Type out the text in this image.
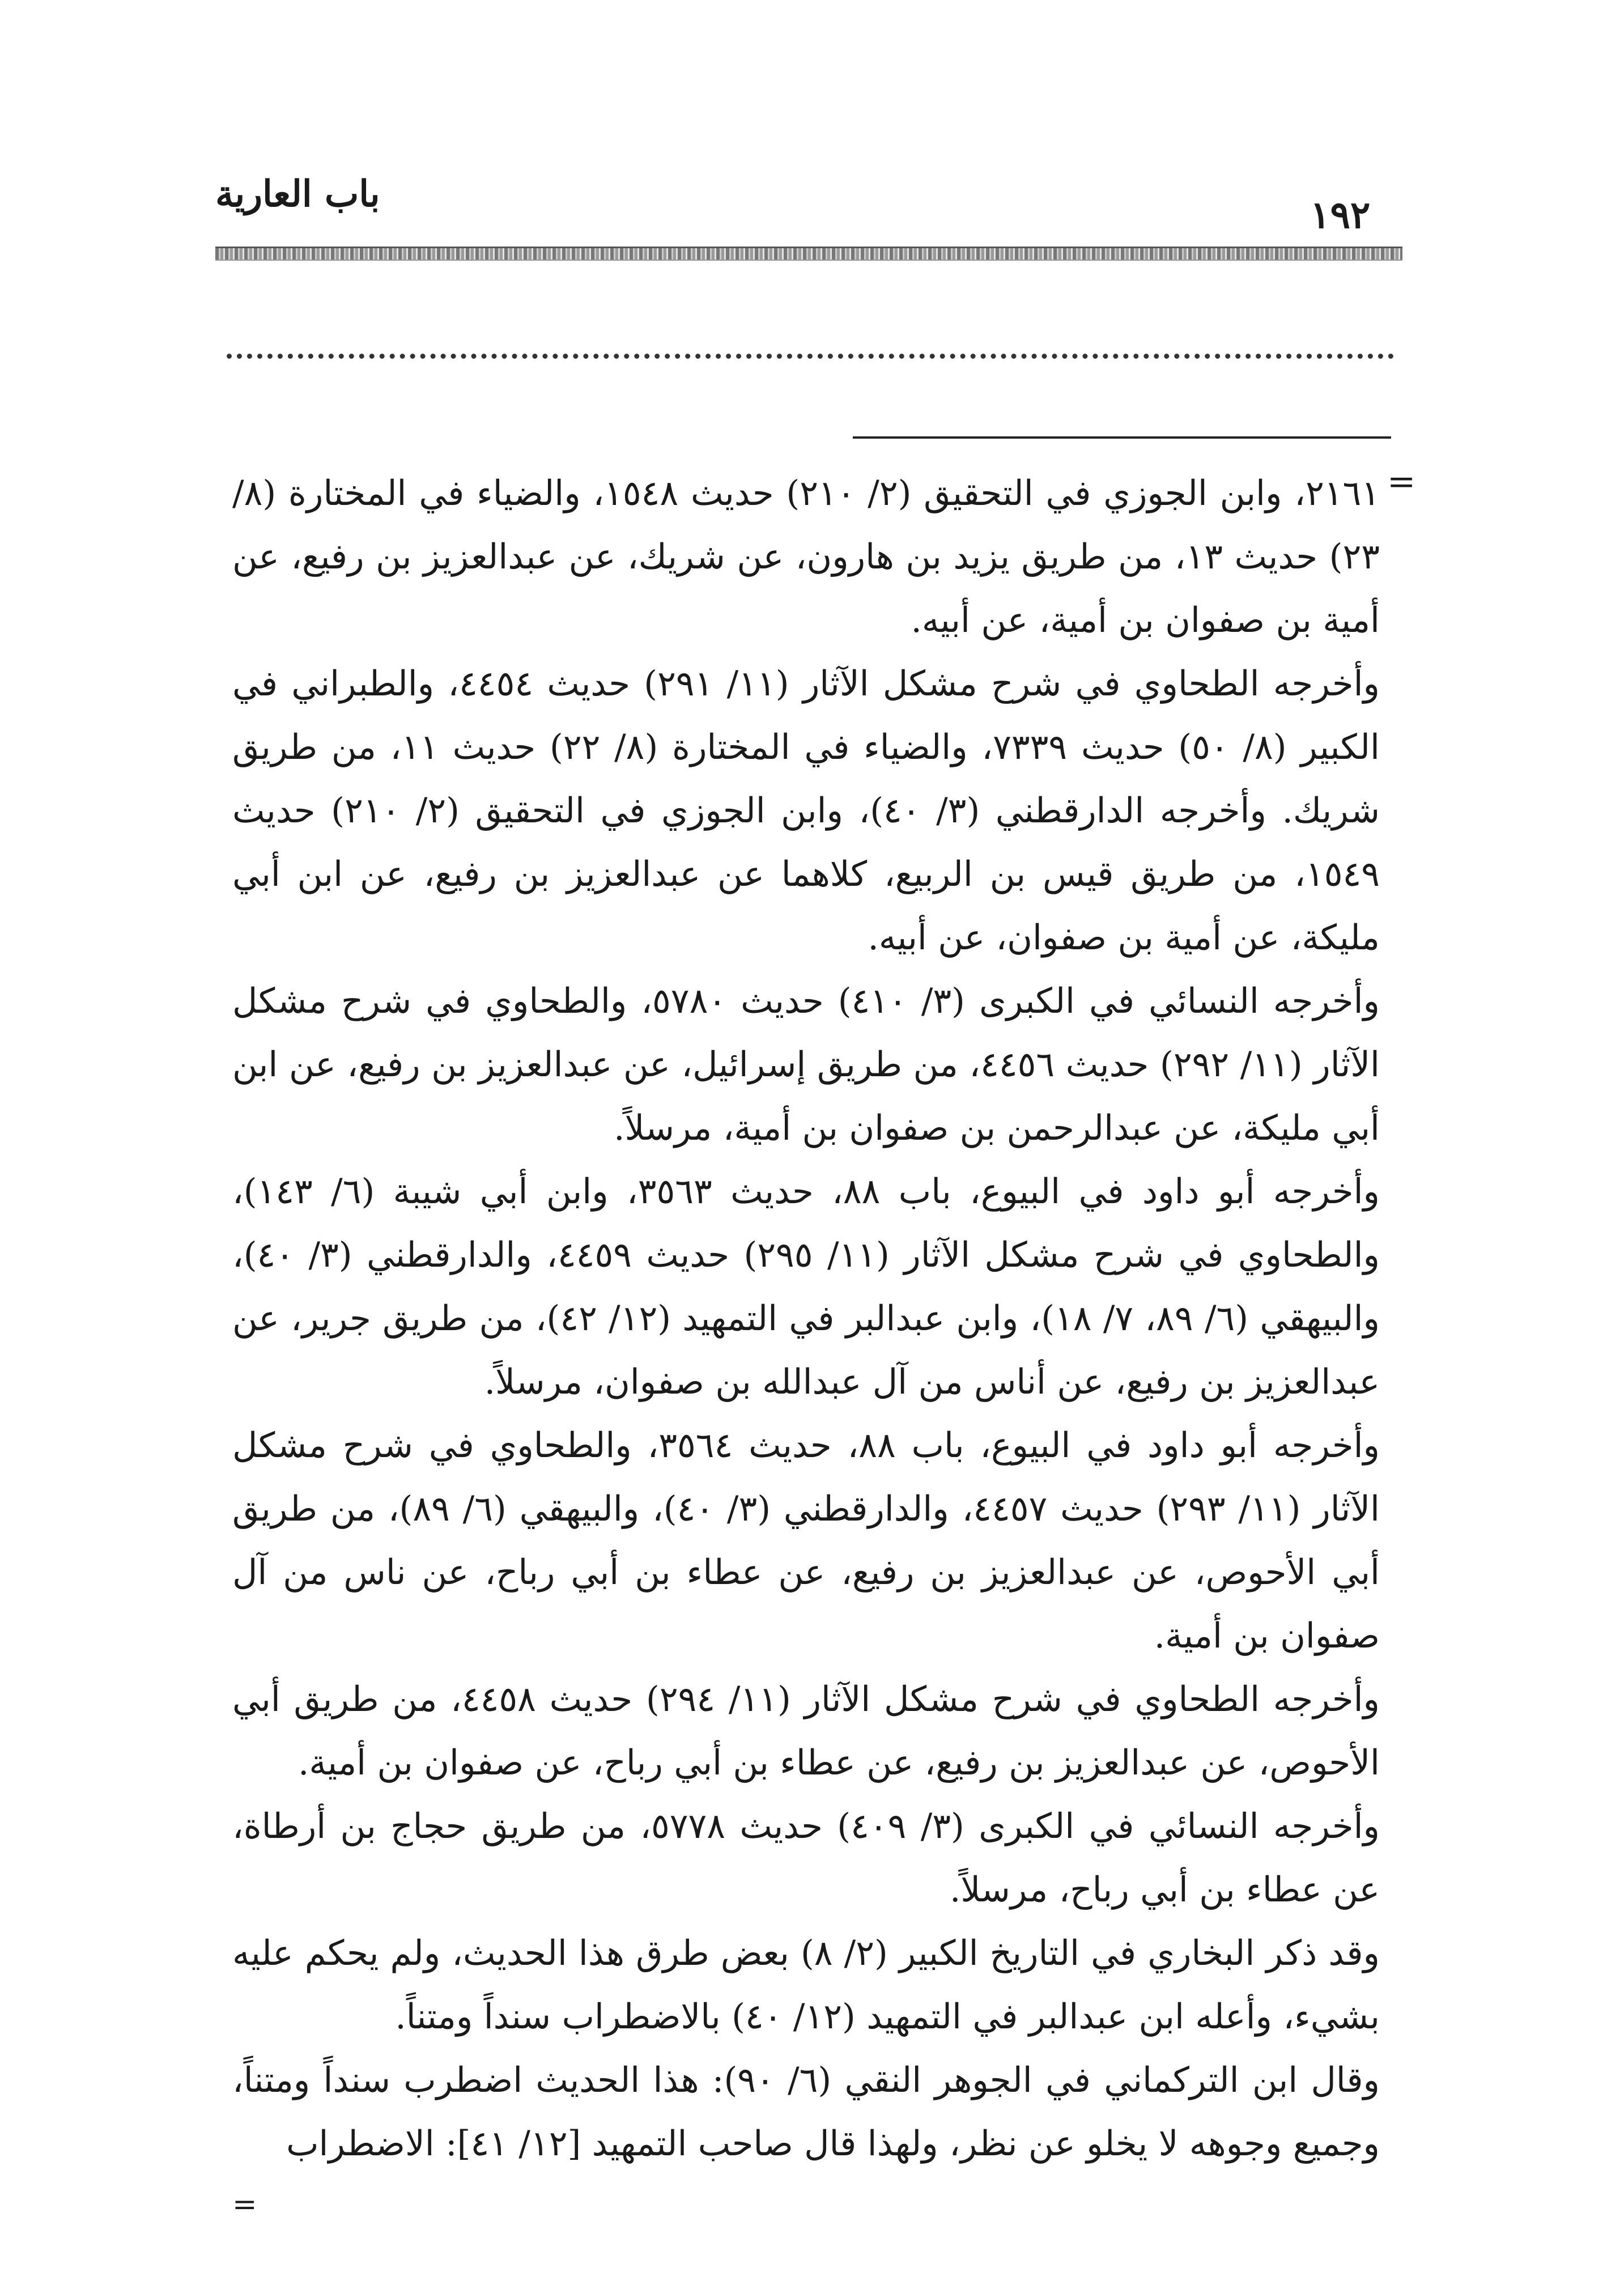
باب العارية	١٩٢
=

٢١٦١، وابن الجوزي في التحقيق (٢/ ٢١٠) حديث ١٥٤٨، والضياء في المختارة (٨/ ٢٣) حديث ١٣، من طريق يزيد بن هارون، عن شريك، عن عبدالعزيز بن رفيع، عن أمية بن صفوان بن أمية، عن أبيه.

وأخرجه الطحاوي في شرح مشكل الآثار (١١/ ٢٩١) حديث ٤٤٥٤، والطبراني في الكبير (٨/ ٥٠) حديث ٧٣٣٩، والضياء في المختارة (٨/ ٢٢) حديث ١١، من طريق شريك. وأخرجه الدارقطني (٣/ ٤٠)، وابن الجوزي في التحقيق (٢/ ٢١٠) حديث ١٥٤٩، من طريق قيس بن الربيع، كلاهما عن عبدالعزيز بن رفيع، عن ابن أبي مليكة، عن أمية بن صفوان، عن أبيه.

وأخرجه النسائي في الكبرى (٣/ ٤١٠) حديث ٥٧٨٠، والطحاوي في شرح مشكل الآثار (١١/ ٢٩٢) حديث ٤٤٥٦، من طريق إسرائيل، عن عبدالعزيز بن رفيع، عن ابن أبي مليكة، عن عبدالرحمن بن صفوان بن أمية، مرسلاً.

وأخرجه أبو داود في البيوع، باب ٨٨، حديث ٣٥٦٣، وابن أبي شيبة (٦/ ١٤٣)، والطحاوي في شرح مشكل الآثار (١١/ ٢٩٥) حديث ٤٤٥٩، والدارقطني (٣/ ٤٠)، والبيهقي (٦/ ٨٩، ٧/ ١٨)، وابن عبدالبر في التمهيد (١٢/ ٤٢)، من طريق جرير، عن عبدالعزيز بن رفيع، عن أناس من آل عبدالله بن صفوان، مرسلاً.

وأخرجه أبو داود في البيوع، باب ٨٨، حديث ٣٥٦٤، والطحاوي في شرح مشكل الآثار (١١/ ٢٩٣) حديث ٤٤٥٧، والدارقطني (٣/ ٤٠)، والبيهقي (٦/ ٨٩)، من طريق أبي الأحوص، عن عبدالعزيز بن رفيع، عن عطاء بن أبي رباح، عن ناس من آل صفوان بن أمية.

وأخرجه الطحاوي في شرح مشكل الآثار (١١/ ٢٩٤) حديث ٤٤٥٨، من طريق أبي الأحوص، عن عبدالعزيز بن رفيع، عن عطاء بن أبي رباح، عن صفوان بن أمية.

وأخرجه النسائي في الكبرى (٣/ ٤٠٩) حديث ٥٧٧٨، من طريق حجاج بن أرطاة، عن عطاء بن أبي رباح، مرسلاً.

وقد ذكر البخاري في التاريخ الكبير (٢/ ٨) بعض طرق هذا الحديث، ولم يحكم عليه بشيء، وأعله ابن عبدالبر في التمهيد (١٢/ ٤٠) بالاضطراب سنداً ومتناً.

وقال ابن التركماني في الجوهر النقي (٦/ ٩٠): هذا الحديث اضطرب سنداً ومتناً، وجميع وجوهه لا يخلو عن نظر، ولهذا قال صاحب التمهيد [١٢/ ٤١]: الاضطراب

=
